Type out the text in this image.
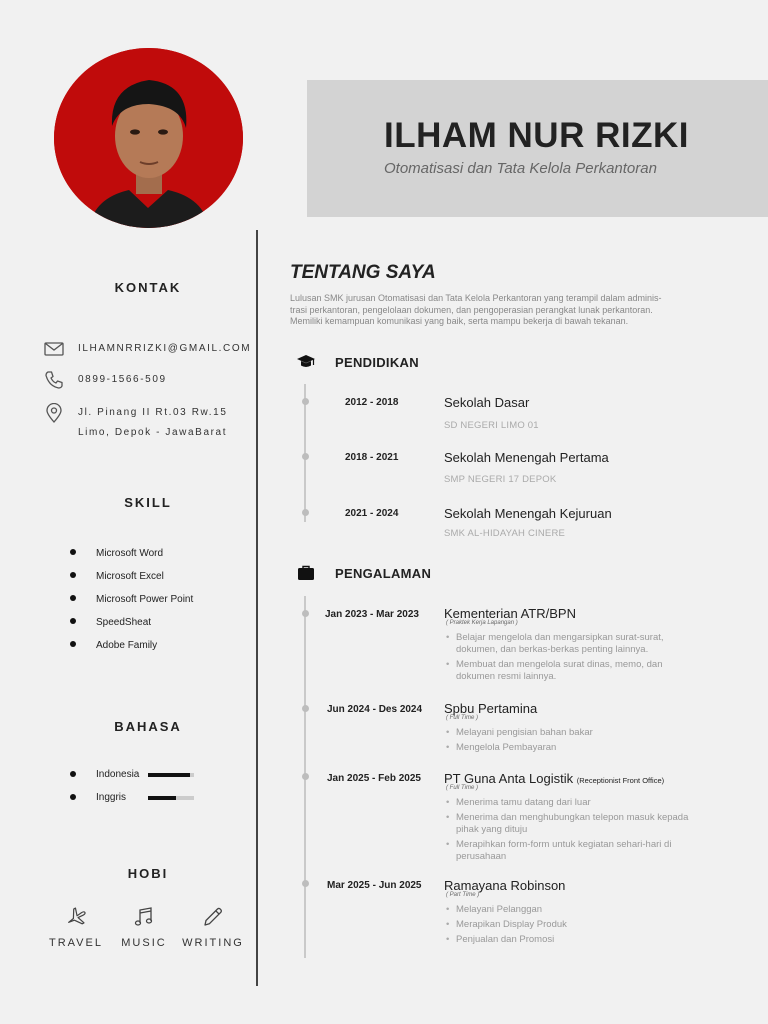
ILHAM NUR RIZKI
Otomatisasi dan Tata Kelola Perkantoran
KONTAK
ILHAMNRRIZKI@GMAIL.COM
0899-1566-509
Jl. Pinang II Rt.03 Rw.15
Limo, Depok - JawaBarat
SKILL
Microsoft Word
Microsoft Excel
Microsoft Power Point
SpeedSheat
Adobe Family
BAHASA
Indonesia
Inggris
HOBI
TRAVEL	MUSIC	WRITING
TENTANG SAYA
Lulusan SMK jurusan Otomatisasi dan Tata Kelola Perkantoran yang terampil dalam adminis-
trasi perkantoran, pengelolaan dokumen, dan pengoperasian perangkat lunak perkantoran.
Memiliki kemampuan komunikasi yang baik, serta mampu bekerja di bawah tekanan.
PENDIDIKAN
2012 - 2018	Sekolah Dasar
SD NEGERI LIMO 01
2018 - 2021	Sekolah Menengah Pertama
SMP NEGERI 17 DEPOK
2021 - 2024	Sekolah Menengah Kejuruan
SMK AL-HIDAYAH CINERE
PENGALAMAN
Jan 2023 - Mar 2023 Kementerian ATR/BPN
( Praktek Kerja Lapangan )
• Belajar mengelola dan mengarsipkan surat-surat, dokumen, dan berkas-berkas penting lainnya.
• Membuat dan mengelola surat dinas, memo, dan dokumen resmi lainnya.
Jun 2024 - Des 2024 Spbu Pertamina
( Full Time )
• Melayani pengisian bahan bakar
• Mengelola Pembayaran
Jan 2025 - Feb 2025 PT Guna Anta Logistik (Receptionist Front Office)
( Full Time )
• Menerima tamu datang dari luar
• Menerima dan menghubungkan telepon masuk kepada pihak yang dituju
• Merapihkan form-form untuk kegiatan sehari-hari di perusahaan
Mar 2025 - Jun 2025 Ramayana Robinson
( Part Time )
• Melayani Pelanggan
• Merapikan Display Produk
• Penjualan dan Promosi
